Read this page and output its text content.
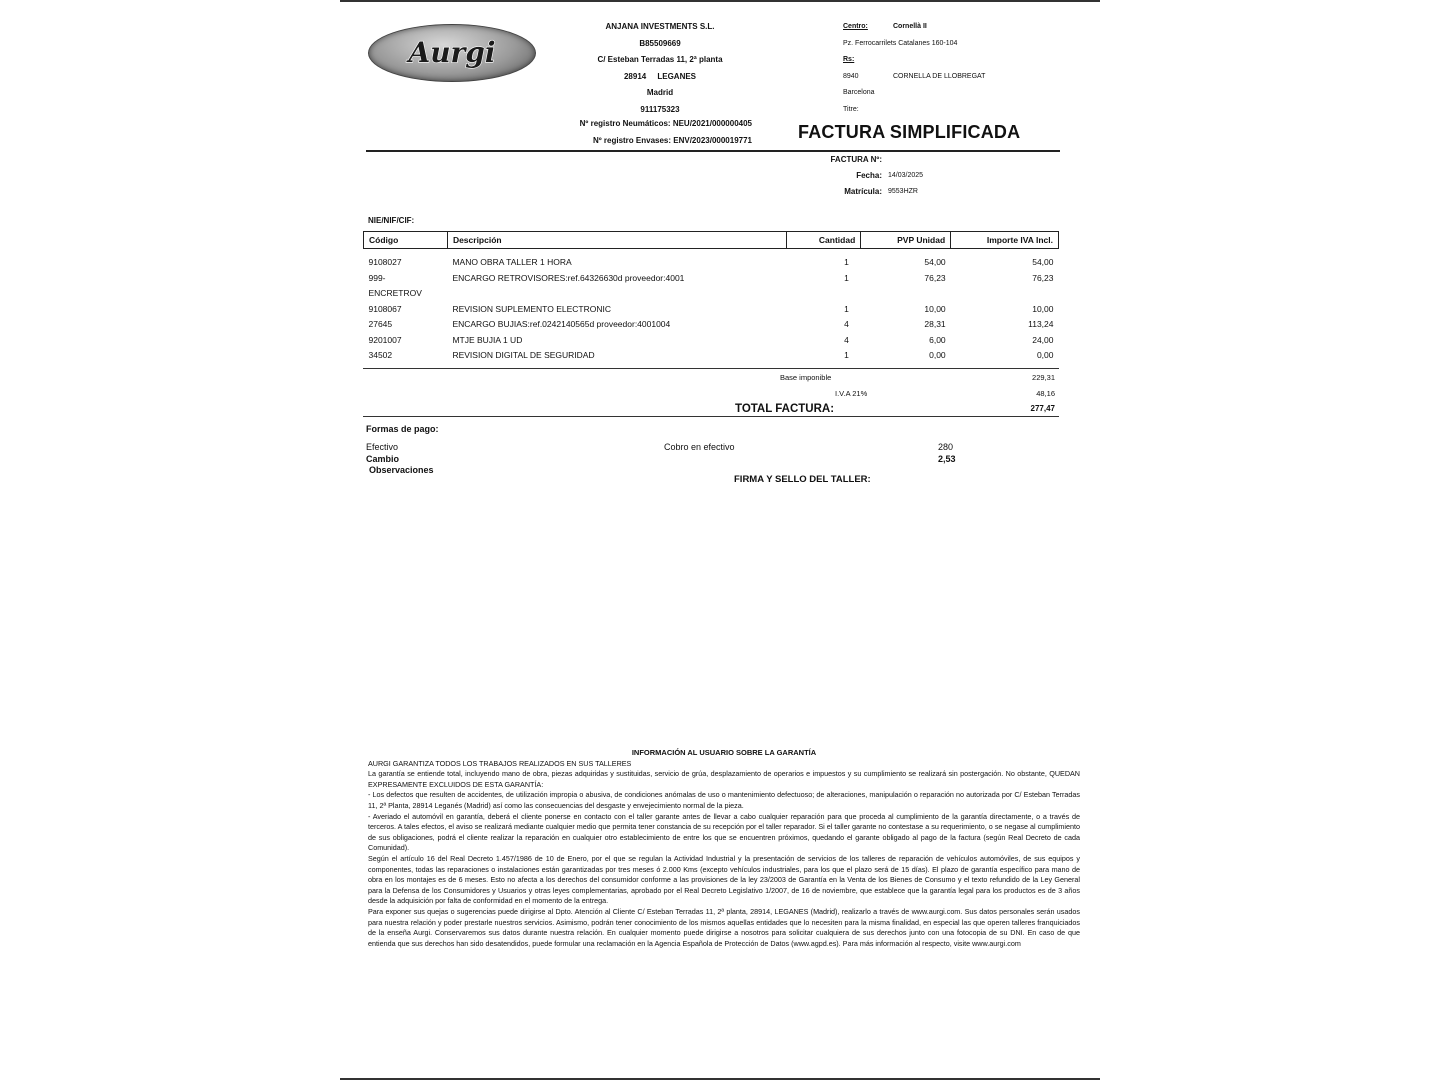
Aurgi
ANJANA INVESTMENTS S.L.
B85509669
C/ Esteban Terradas 11, 2ª planta
28914     LEGANES
Madrid
911175323
Nº registro Neumáticos: NEU/2021/000000405
Nº registro Envases: ENV/2023/000019771
Centro:	Cornellà II
Pz. Ferrocarrilets Catalanes 160-104
Rs:
8940	CORNELLA DE LLOBREGAT
Barcelona
Titre:
FACTURA SIMPLIFICADA
FACTURA Nº:
Fecha: 14/03/2025
Matrícula: 9553HZR
NIE/NIF/CIF:
Código	Descripción	Cantidad	PVP Unidad	Importe IVA Incl.

9108027	MANO OBRA TALLER 1 HORA	1	54,00	54,00
999-	ENCARGO RETROVISORES:ref.64326630d proveedor:4001	1	76,23	76,23
ENCRETROV				
9108067	REVISION SUPLEMENTO ELECTRONIC	1	10,00	10,00
27645	ENCARGO BUJIAS:ref.0242140565d proveedor:4001004	4	28,31	113,24
9201007	MTJE BUJIA 1 UD	4	6,00	24,00
34502	REVISION DIGITAL DE SEGURIDAD	1	0,00	0,00
Base imponible	229,31
I.V.A 21%	48,16
TOTAL FACTURA:	277,47
Formas de pago:
Efectivo	Cobro en efectivo	280
Cambio	2,53
Observaciones
FIRMA Y SELLO DEL TALLER:
INFORMACIÓN AL USUARIO SOBRE LA GARANTÍA

AURGI GARANTIZA TODOS LOS TRABAJOS REALIZADOS EN SUS TALLERES

La garantía se entiende total, incluyendo mano de obra, piezas adquiridas y sustituidas, servicio de grúa, desplazamiento de operarios e impuestos y su cumplimiento se realizará sin postergación. No obstante, QUEDAN EXPRESAMENTE EXCLUIDOS DE ESTA GARANTÍA:

- Los defectos que resulten de accidentes, de utilización impropia o abusiva, de condiciones anómalas de uso o mantenimiento defectuoso; de alteraciones, manipulación o reparación no autorizada por C/ Esteban Terradas 11, 2ª Planta, 28914 Leganés (Madrid) así como las consecuencias del desgaste y envejecimiento normal de la pieza.

- Averiado el automóvil en garantía, deberá el cliente ponerse en contacto con el taller garante antes de llevar a cabo cualquier reparación para que proceda al cumplimiento de la garantía directamente, o a través de terceros. A tales efectos, el aviso se realizará mediante cualquier medio que permita tener constancia de su recepción por el taller reparador. Si el taller garante no contestase a su requerimiento, o se negase al cumplimiento de sus obligaciones, podrá el cliente realizar la reparación en cualquier otro establecimiento de entre los que se encuentren próximos, quedando el garante obligado al pago de la factura (según Real Decreto de cada Comunidad).

Según el artículo 16 del Real Decreto 1.457/1986 de 10 de Enero, por el que se regulan la Actividad Industrial y la presentación de servicios de los talleres de reparación de vehículos automóviles, de sus equipos y componentes, todas las reparaciones o instalaciones están garantizadas por tres meses ó 2.000 Kms (excepto vehículos industriales, para los que el plazo será de 15 días). El plazo de garantía específico para mano de obra en los montajes es de 6 meses. Esto no afecta a los derechos del consumidor conforme a las provisiones de la ley 23/2003 de Garantía en la Venta de los Bienes de Consumo y el texto refundido de la Ley General para la Defensa de los Consumidores y Usuarios y otras leyes complementarias, aprobado por el Real Decreto Legislativo 1/2007, de 16 de noviembre, que establece que la garantía legal para los productos es de 3 años desde la adquisición por falta de conformidad en el momento de la entrega.

Para exponer sus quejas o sugerencias puede dirigirse al Dpto. Atención al Cliente C/ Esteban Terradas 11, 2ª planta, 28914, LEGANES (Madrid), realizarlo a través de www.aurgi.com. Sus datos personales serán usados para nuestra relación y poder prestarle nuestros servicios. Asimismo, podrán tener conocimiento de los mismos aquellas entidades que lo necesiten para la misma finalidad, en especial las que operen talleres franquiciados de la enseña Aurgi. Conservaremos sus datos durante nuestra relación. En cualquier momento puede dirigirse a nosotros para solicitar cualquiera de sus derechos junto con una fotocopia de su DNI. En caso de que entienda que sus derechos han sido desatendidos, puede formular una reclamación en la Agencia Española de Protección de Datos (www.agpd.es). Para más información al respecto, visite www.aurgi.com
